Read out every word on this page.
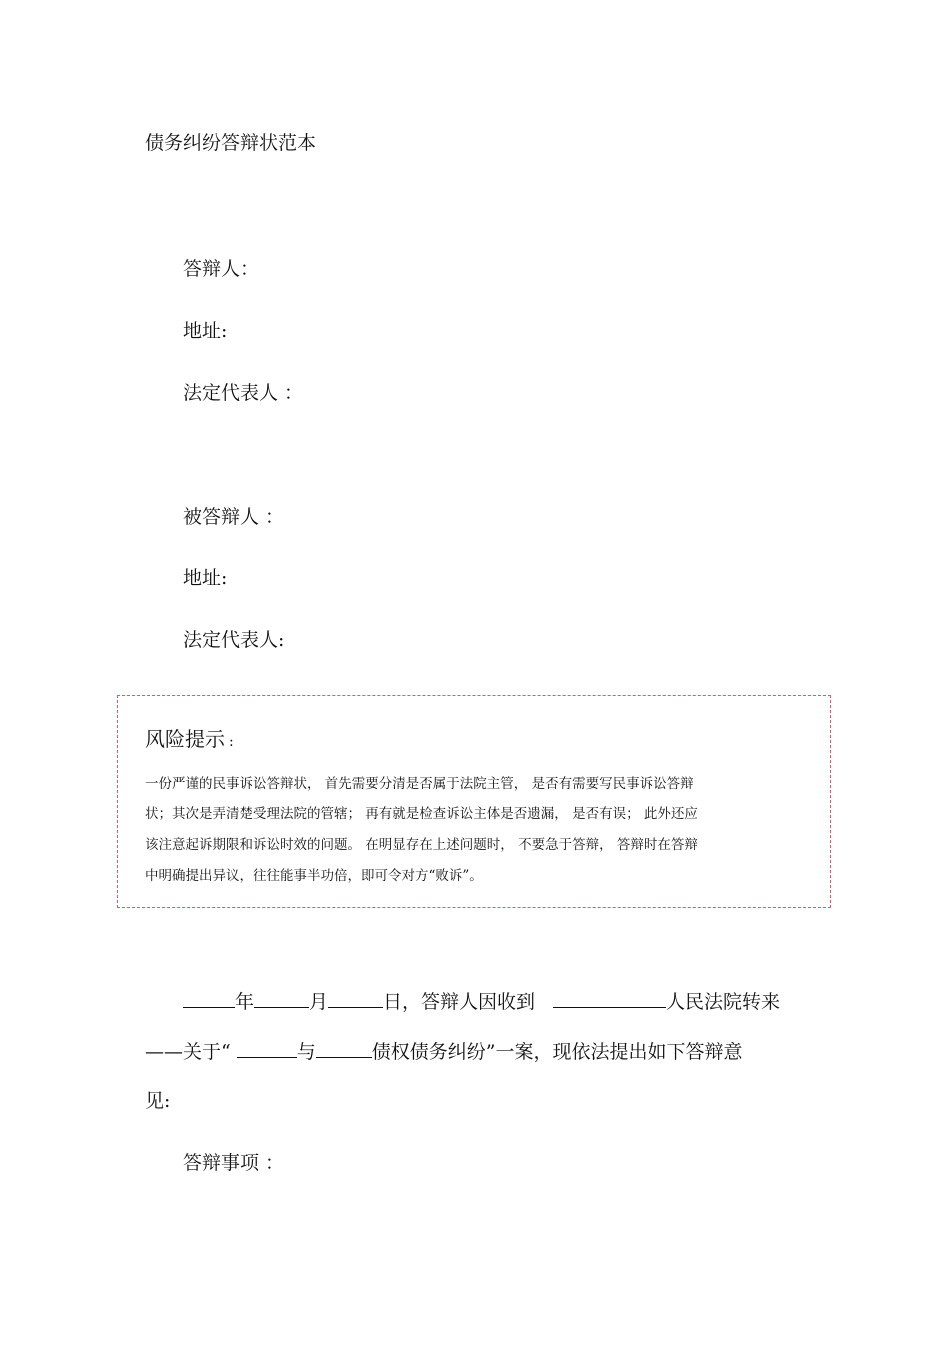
债务纠纷答辩状范本
答辩人：
地址:
法定代表人 ：
被答辩人 ：
地址:
法定代表人:
风险提示 :
一份严谨的民事诉讼答辩状， 首先需要分清是否属于法院主管， 是否有需要写民事诉讼答辩
状；其次是弄清楚受理法院的管辖； 再有就是检查诉讼主体是否遗漏， 是否有误； 此外还应
该注意起诉期限和诉讼时效的问题。 在明显存在上述问题时， 不要急于答辩， 答辩时在答辩
中明确提出异议，往往能事半功倍，即可令对方“败诉”。
年	月	日，答辩人因收到	人民法院转来
——关于“	与	债权债务纠纷”一案，现依法提出如下答辩意
见:
答辩事项 ：
